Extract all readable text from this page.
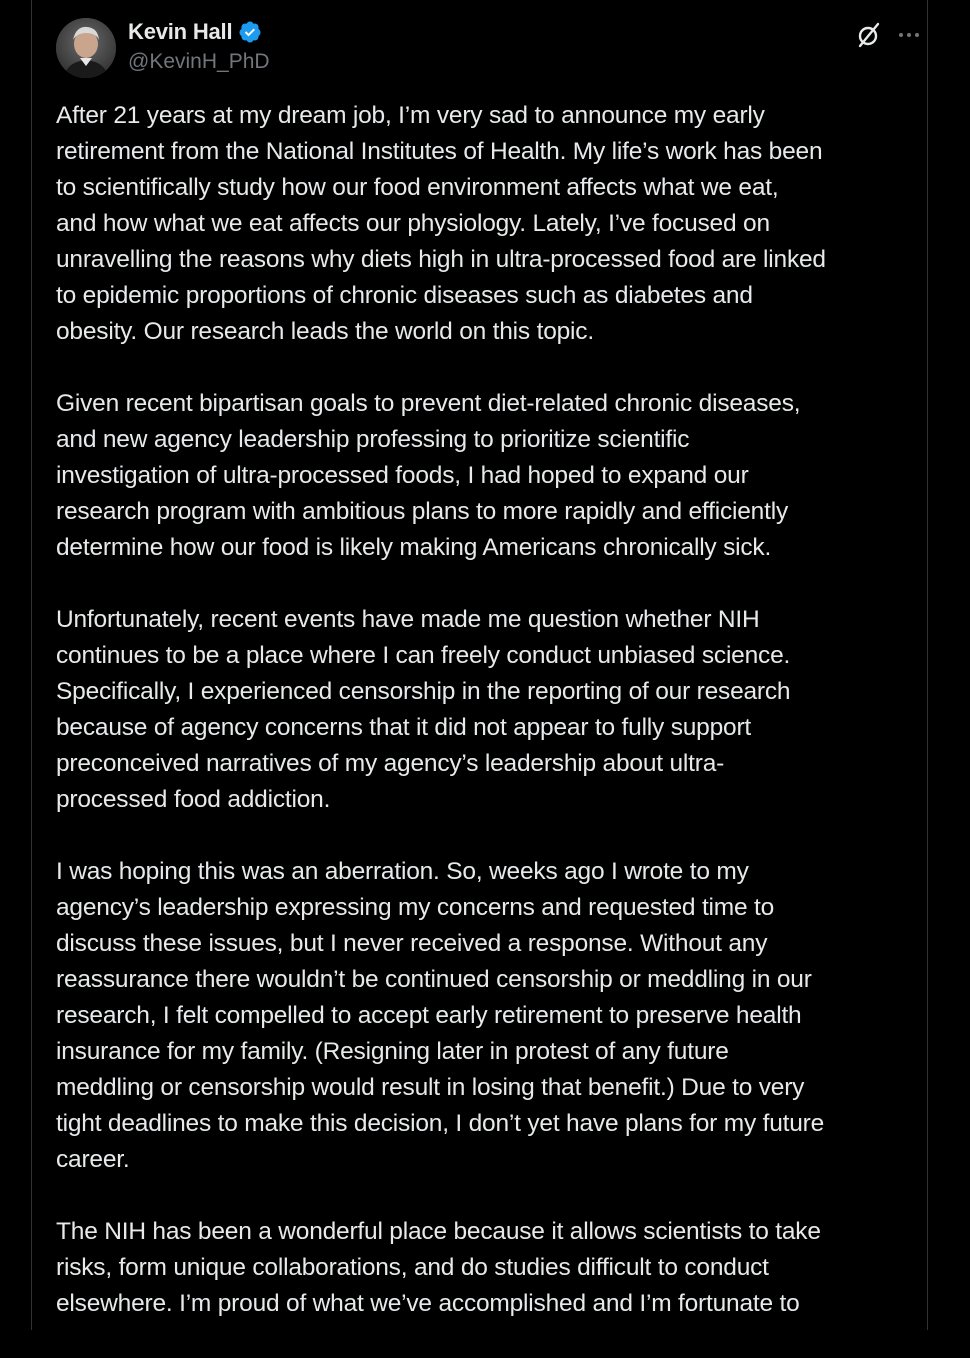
Kevin Hall
@KevinH_PhD

After 21 years at my dream job, I’m very sad to announce my early
retirement from the National Institutes of Health. My life’s work has been
to scientifically study how our food environment affects what we eat,
and how what we eat affects our physiology. Lately, I’ve focused on
unravelling the reasons why diets high in ultra-processed food are linked
to epidemic proportions of chronic diseases such as diabetes and
obesity. Our research leads the world on this topic.

Given recent bipartisan goals to prevent diet-related chronic diseases,
and new agency leadership professing to prioritize scientific
investigation of ultra-processed foods, I had hoped to expand our
research program with ambitious plans to more rapidly and efficiently
determine how our food is likely making Americans chronically sick.

Unfortunately, recent events have made me question whether NIH
continues to be a place where I can freely conduct unbiased science.
Specifically, I experienced censorship in the reporting of our research
because of agency concerns that it did not appear to fully support
preconceived narratives of my agency’s leadership about ultra-
processed food addiction.

I was hoping this was an aberration. So, weeks ago I wrote to my
agency’s leadership expressing my concerns and requested time to
discuss these issues, but I never received a response. Without any
reassurance there wouldn’t be continued censorship or meddling in our
research, I felt compelled to accept early retirement to preserve health
insurance for my family. (Resigning later in protest of any future
meddling or censorship would result in losing that benefit.) Due to very
tight deadlines to make this decision, I don’t yet have plans for my future
career.

The NIH has been a wonderful place because it allows scientists to take
risks, form unique collaborations, and do studies difficult to conduct
elsewhere. I’m proud of what we’ve accomplished and I’m fortunate to
